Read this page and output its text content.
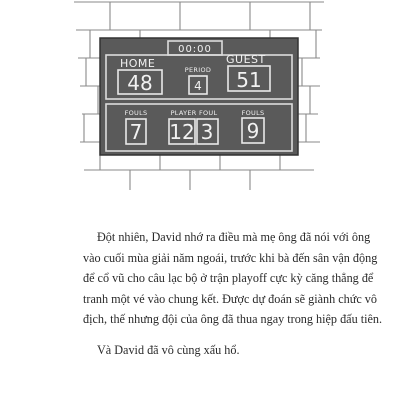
00:00
HOME
48
PERIOD
4
GUEST
51
FOULS
7
PLAYER FOUL
12 3
FOULS
9

Đột nhiên, David nhớ ra điều mà mẹ ông đã nói với ông vào cuối mùa giải năm ngoái, trước khi bà đến sân vận động để cổ vũ cho câu lạc bộ ở trận playoff cực kỳ căng thẳng để tranh một vé vào chung kết. Được dự đoán sẽ giành chức vô địch, thế nhưng đội của ông đã thua ngay trong hiệp đấu tiên.

Và David đã vô cùng xấu hổ.
